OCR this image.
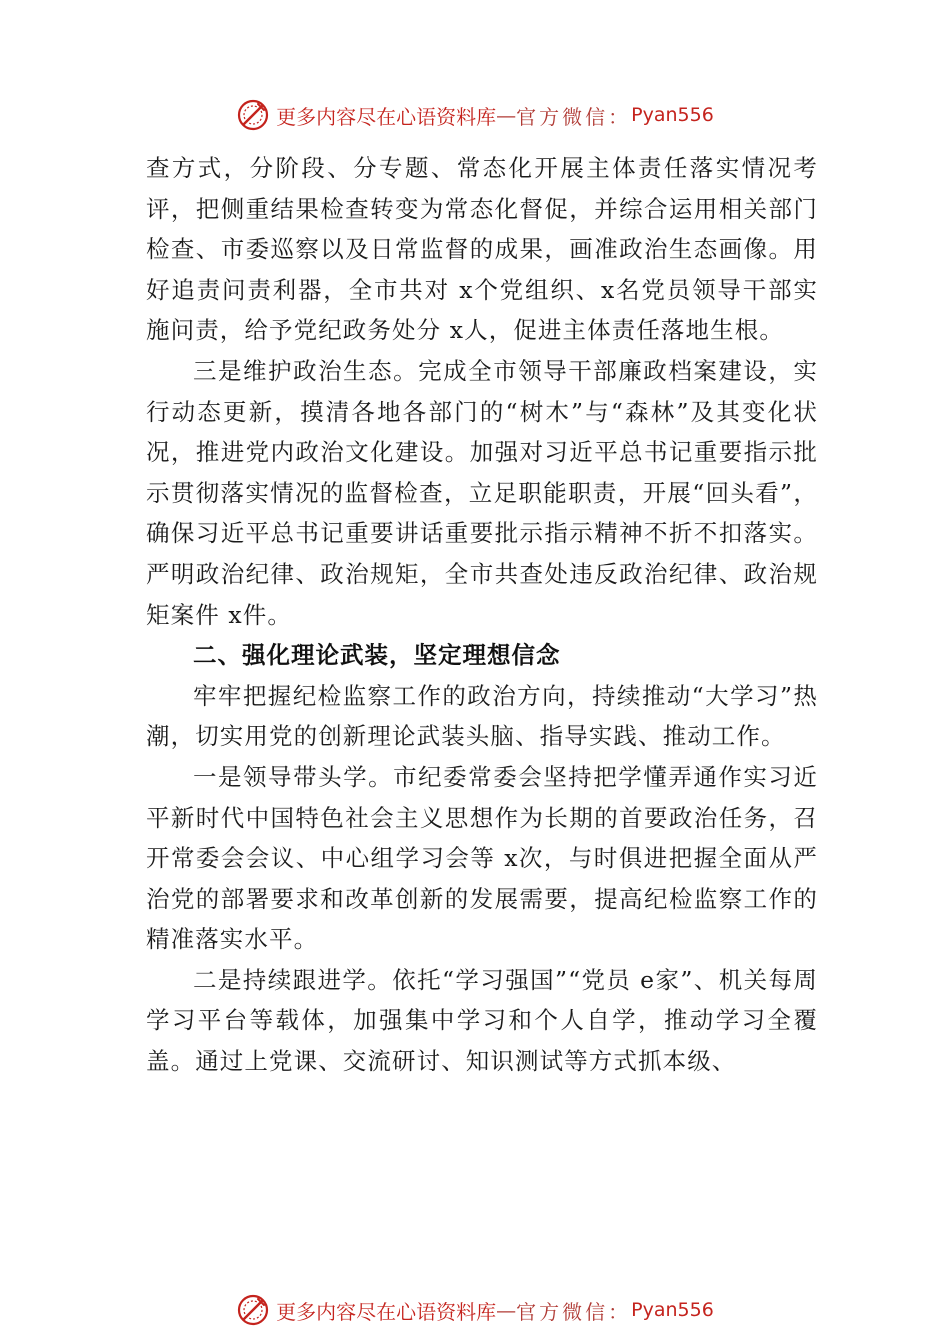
更多内容尽在心语资料库 — 官方微信： Pyan556

查方式，分阶段、分专题、常态化开展主体责任落实情况考评，把侧重结果检查转变为常态化督促，并综合运用相关部门检查、市委巡察以及日常监督的成果，画准政治生态画像。用好追责问责利器，全市共对 x个党组织、x名党员领导干部实施问责，给予党纪政务处分 x人，促进主体责任落地生根。

三是维护政治生态。完成全市领导干部廉政档案建设，实行动态更新，摸清各地各部门的“树木”与“森林”及其变化状况，推进党内政治文化建设。加强对习近平总书记重要指示批示贯彻落实情况的监督检查，立足职能职责，开展“回头看”，确保习近平总书记重要讲话重要批示指示精神不折不扣落实。严明政治纪律、政治规矩，全市共查处违反政治纪律、政治规矩案件 x件。

二、强化理论武装，坚定理想信念

牢牢把握纪检监察工作的政治方向，持续推动“大学习”热潮，切实用党的创新理论武装头脑、指导实践、推动工作。

一是领导带头学。市纪委常委会坚持把学懂弄通作实习近平新时代中国特色社会主义思想作为长期的首要政治任务，召开常委会会议、中心组学习会等 x次，与时俱进把握全面从严治党的部署要求和改革创新的发展需要，提高纪检监察工作的精准落实水平。

二是持续跟进学。依托“学习强国”“党员 e家”、机关每周学习平台等载体，加强集中学习和个人自学，推动学习全覆盖。通过上党课、交流研讨、知识测试等方式抓本级、

更多内容尽在心语资料库 — 官方微信： Pyan556
